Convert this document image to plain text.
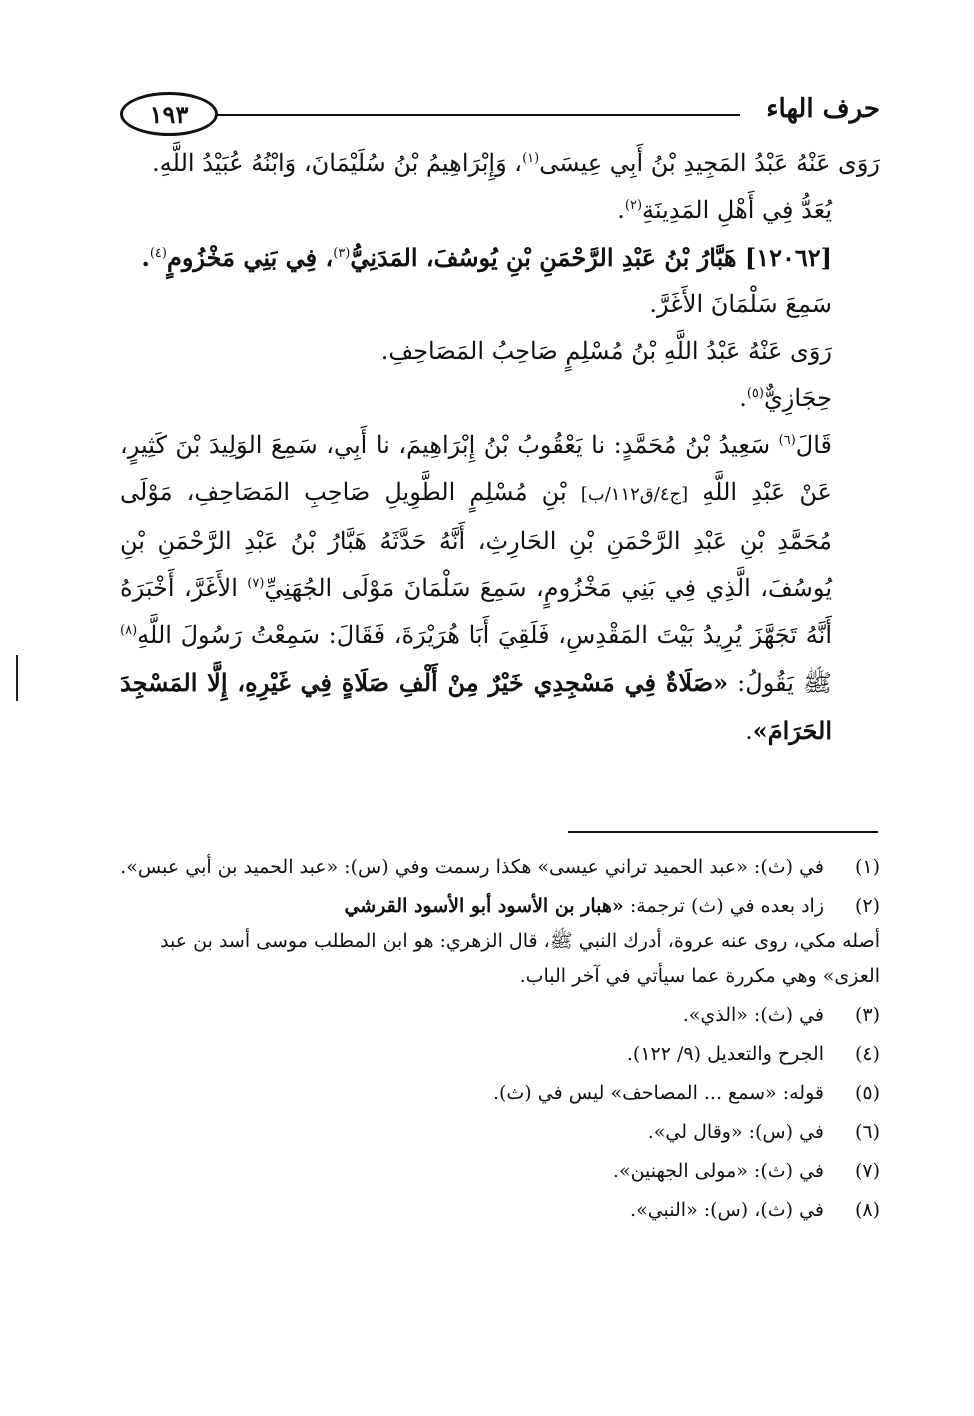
حرف الهاء
١٩٣

رَوَى عَنْهُ عَبْدُ المَجِيدِ بْنُ أَبِي عِيسَى$^{(١)}$، وَإِبْرَاهِيمُ بْنُ سُلَيْمَانَ، وَابْنُهُ عُبَيْدُ اللَّهِ.

يُعَدُّ فِي أَهْلِ المَدِينَةِ$^{(٢)}$.

[١٢٠٦٢] هَبَّارُ بْنُ عَبْدِ الرَّحْمَنِ بْنِ يُوسُفَ، المَدَنِيُّ$^{(٣)}$، فِي بَنِي مَخْزُومٍ$^{(٤)}$.

سَمِعَ سَلْمَانَ الأَغَرَّ.

رَوَى عَنْهُ عَبْدُ اللَّهِ بْنُ مُسْلِمٍ صَاحِبُ المَصَاحِفِ.

حِجَازِيٌّ$^{(٥)}$.

قَالَ$^{(٦)}$ سَعِيدُ بْنُ مُحَمَّدٍ: نا يَعْقُوبُ بْنُ إِبْرَاهِيمَ، نا أَبِي، سَمِعَ الوَلِيدَ بْنَ كَثِيرٍ، عَنْ عَبْدِ اللَّهِ [ج٤/ق١١٢/ب] بْنِ مُسْلِمٍ الطَّوِيلِ صَاحِبِ المَصَاحِفِ، مَوْلَى مُحَمَّدِ بْنِ عَبْدِ الرَّحْمَنِ بْنِ الحَارِثِ، أَنَّهُ حَدَّثَهُ هَبَّارُ بْنُ عَبْدِ الرَّحْمَنِ بْنِ يُوسُفَ، الَّذِي فِي بَنِي مَخْزُومٍ، سَمِعَ سَلْمَانَ مَوْلَى الجُهَنِيِّ$^{(٧)}$ الأَغَرَّ، أَخْبَرَهُ أَنَّهُ تَجَهَّزَ يُرِيدُ بَيْتَ المَقْدِسِ، فَلَقِيَ أَبَا هُرَيْرَةَ، فَقَالَ: سَمِعْتُ رَسُولَ اللَّهِ$^{(٨)}$ ﷺ يَقُولُ: «صَلَاةٌ فِي مَسْجِدِي خَيْرٌ مِنْ أَلْفِ صَلَاةٍ فِي غَيْرِهِ، إِلَّا المَسْجِدَ الحَرَامَ».

(١)
في (ث): «عبد الحميد تراني عيسى» هكذا رسمت وفي (س): «عبد الحميد بن أبي عبس».
(٢)
زاد بعده في (ث) ترجمة: «هبار بن الأسود أبو الأسود القرشي
أصله مكي، روى عنه عروة، أدرك النبي ﷺ، قال الزهري: هو ابن المطلب موسى أسد بن عبد العزى» وهي مكررة عما سيأتي في آخر الباب.
(٣)
في (ث): «الذي».
(٤)
الجرح والتعديل (٩/ ١٢٢).
(٥)
قوله: «سمع ... المصاحف» ليس في (ث).
(٦)
في (س): «وقال لي».
(٧)
في (ث): «مولى الجهنين».
(٨)
في (ث)، (س): «النبي».
